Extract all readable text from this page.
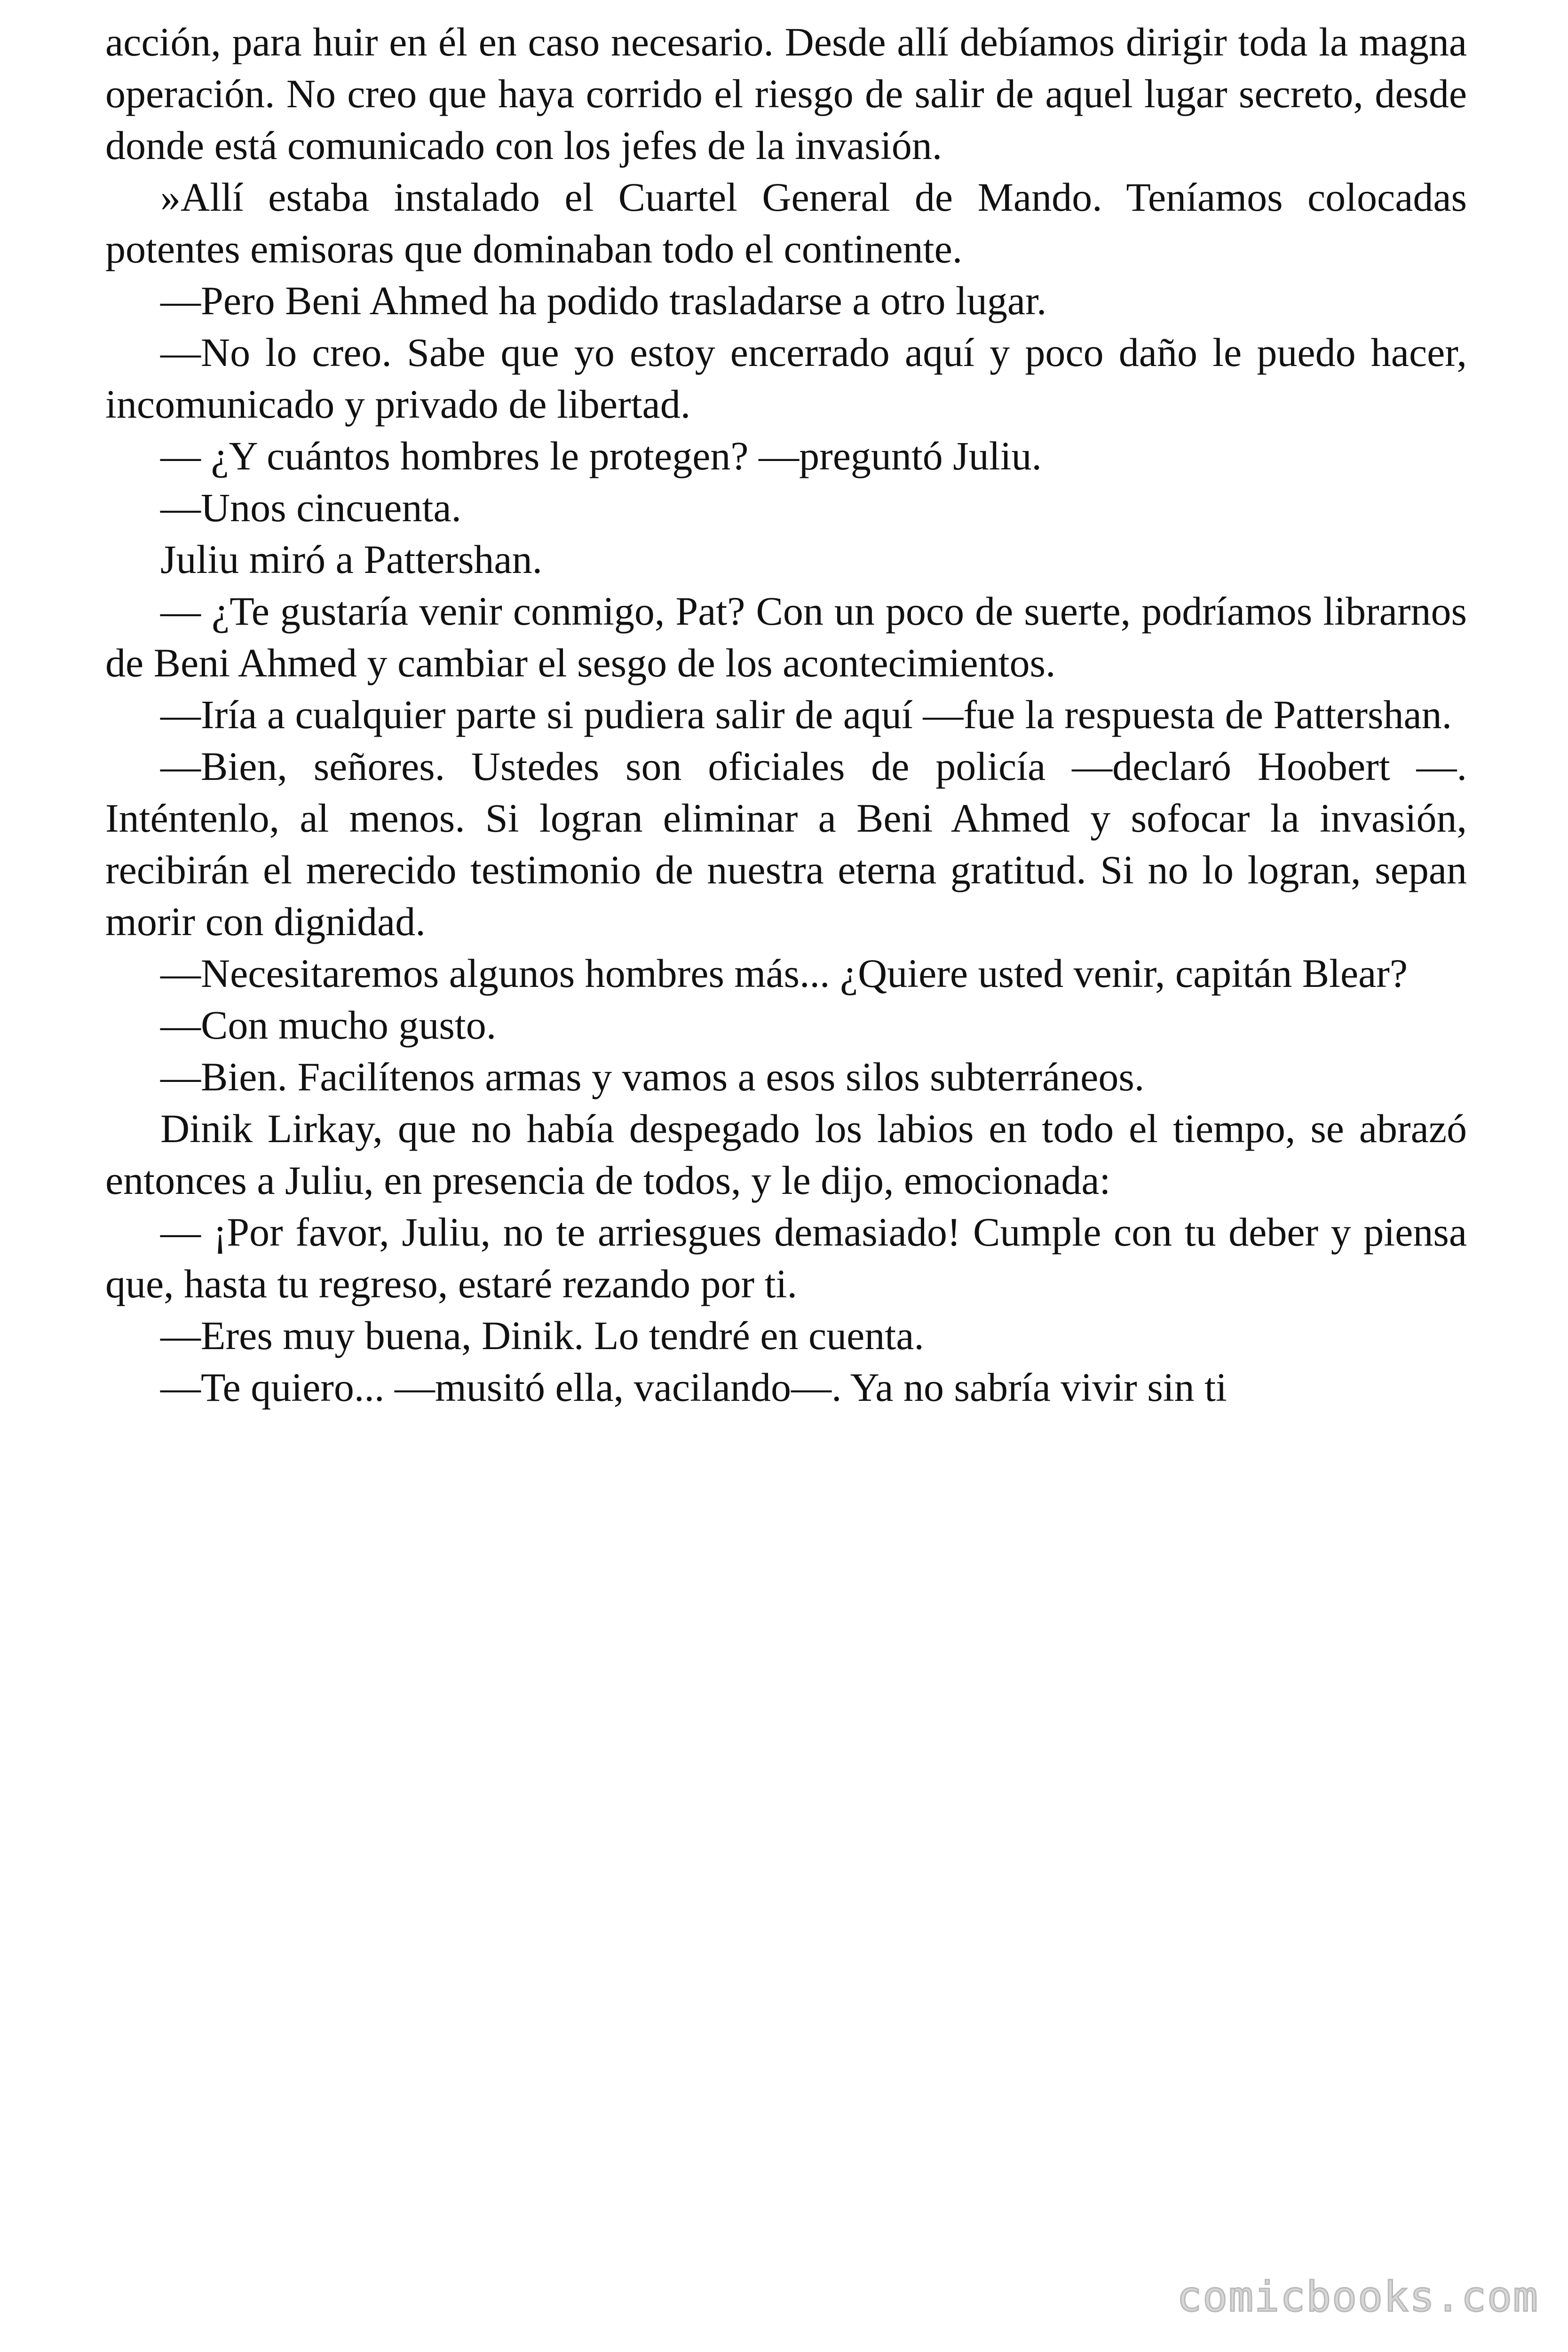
acción, para huir en él en caso necesario. Desde allí debíamos dirigir toda la magna operación. No creo que haya corrido el riesgo de salir de aquel lugar secreto, desde donde está comunicado con los jefes de la invasión.

»Allí estaba instalado el Cuartel General de Mando. Teníamos colocadas potentes emisoras que dominaban todo el continente.

—Pero Beni Ahmed ha podido trasladarse a otro lugar.

—No lo creo. Sabe que yo estoy encerrado aquí y poco daño le puedo hacer, incomunicado y privado de libertad.

— ¿Y cuántos hombres le protegen? —preguntó Juliu.

—Unos cincuenta.

Juliu miró a Pattershan.

— ¿Te gustaría venir conmigo, Pat? Con un poco de suerte, podríamos librarnos de Beni Ahmed y cambiar el sesgo de los acontecimientos.

—Iría a cualquier parte si pudiera salir de aquí —fue la respuesta de Pattershan.

—Bien, señores. Ustedes son oficiales de policía —declaró Hoobert —. Inténtenlo, al menos. Si logran eliminar a Beni Ahmed y sofocar la invasión, recibirán el merecido testimonio de nuestra eterna gratitud. Si no lo logran, sepan morir con dignidad.

—Necesitaremos algunos hombres más... ¿Quiere usted venir, capitán Blear?

—Con mucho gusto.

—Bien. Facilítenos armas y vamos a esos silos subterráneos.

Dinik Lirkay, que no había despegado los labios en todo el tiempo, se abrazó entonces a Juliu, en presencia de todos, y le dijo, emocionada:

— ¡Por favor, Juliu, no te arriesgues demasiado! Cumple con tu deber y piensa que, hasta tu regreso, estaré rezando por ti.

—Eres muy buena, Dinik. Lo tendré en cuenta.

—Te quiero... —musitó ella, vacilando—. Ya no sabría vivir sin ti

comicbooks.com
